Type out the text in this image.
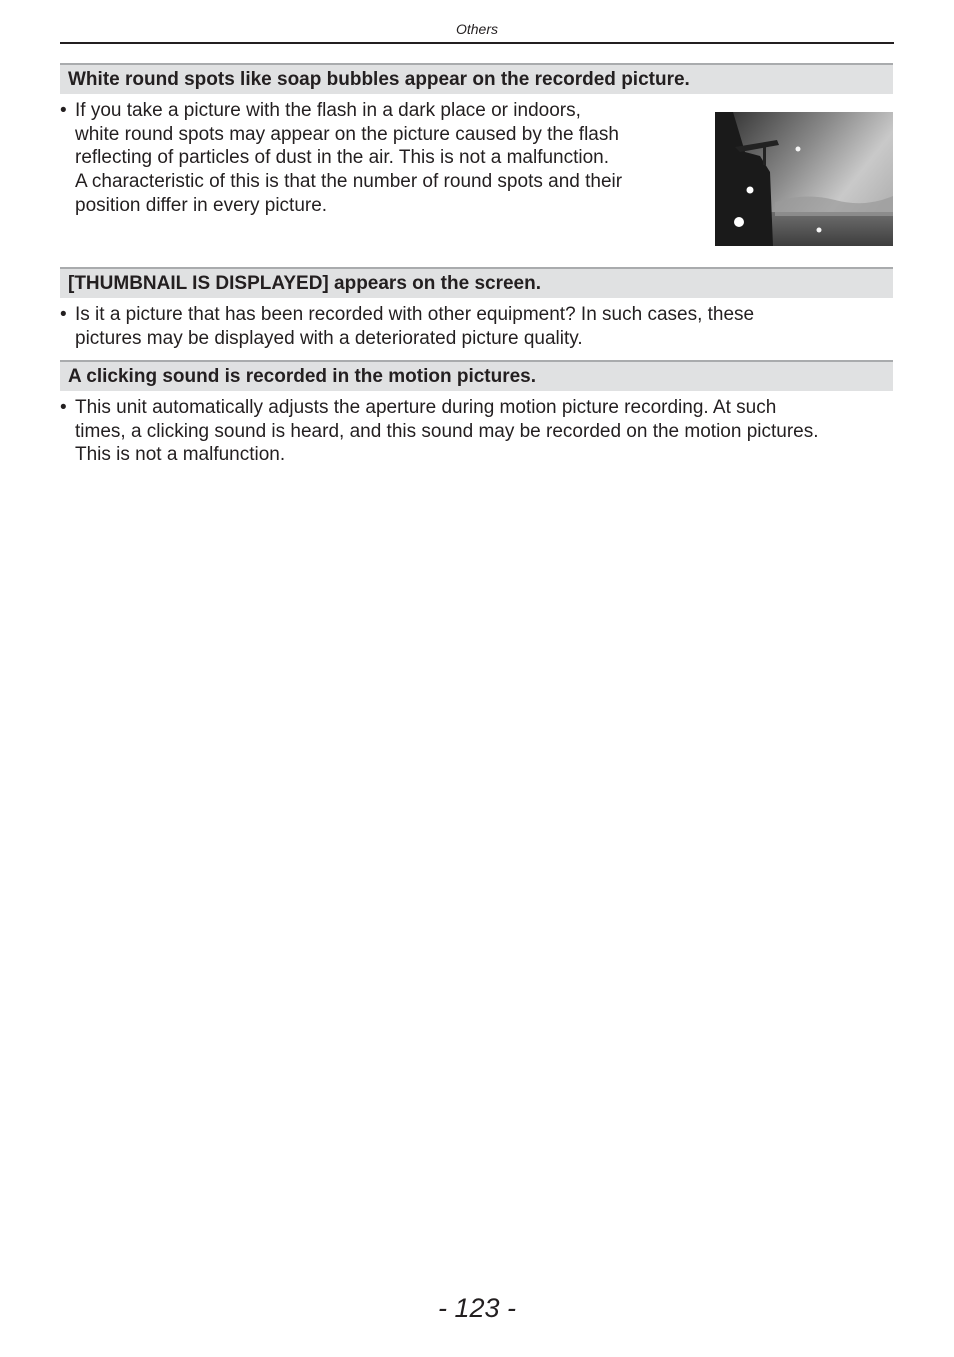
Others
White round spots like soap bubbles appear on the recorded picture.
• If you take a picture with the flash in a dark place or indoors,
white round spots may appear on the picture caused by the flash
reflecting of particles of dust in the air. This is not a malfunction.
A characteristic of this is that the number of round spots and their
position differ in every picture.
[THUMBNAIL IS DISPLAYED] appears on the screen.
• Is it a picture that has been recorded with other equipment? In such cases, these
pictures may be displayed with a deteriorated picture quality.
A clicking sound is recorded in the motion pictures.
• This unit automatically adjusts the aperture during motion picture recording. At such
times, a clicking sound is heard, and this sound may be recorded on the motion pictures.
This is not a malfunction.
- 123 -
